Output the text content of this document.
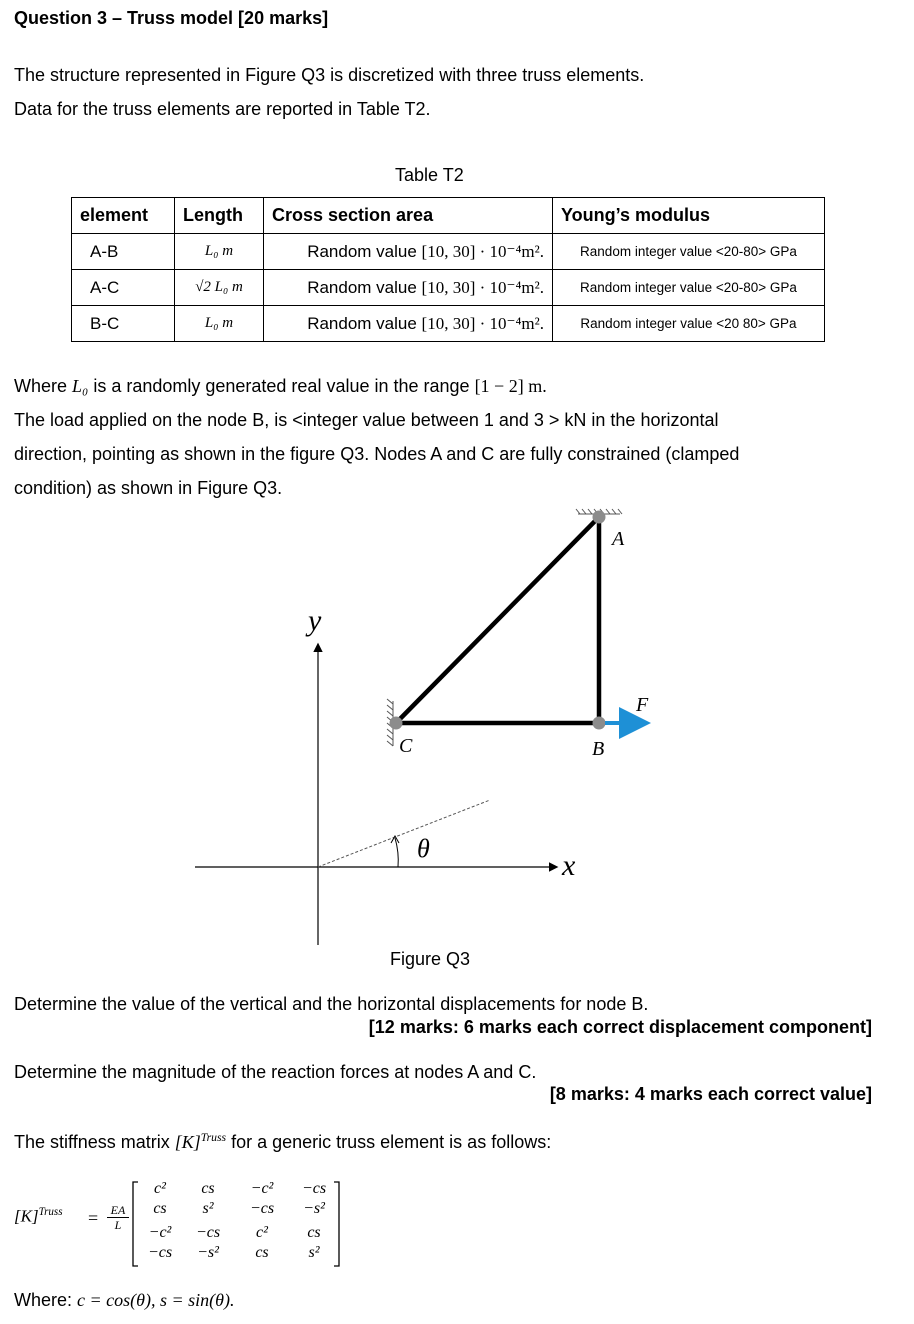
Question 3 – Truss model [20 marks]
The structure represented in Figure Q3 is discretized with three truss elements.
Data for the truss elements are reported in Table T2.
Table T2
element	Length	Cross section area	Young’s modulus
A-B	L₀ m	Random value [10, 30] · 10⁻⁴m².	Random integer value <20-80> GPa
A-C	√2 L₀ m	Random value [10, 30] · 10⁻⁴m².	Random integer value <20-80> GPa
B-C	L₀ m	Random value [10, 30] · 10⁻⁴m².	Random integer value <20 80> GPa
Where L₀ is a randomly generated real value in the range [1 − 2] m.
The load applied on the node B, is <integer value between 1 and 3 > kN in the horizontal
direction, pointing as shown in the figure Q3. Nodes A and C are fully constrained (clamped
condition) as shown in Figure Q3.
y
x
θ
A
B
C
F
Figure Q3
Determine the value of the vertical and the horizontal displacements for node B.
[12 marks: 6 marks each correct displacement component]
Determine the magnitude of the reaction forces at nodes A and C.
[8 marks: 4 marks each correct value]
The stiffness matrix $[K]^{Truss}$ for a generic truss element is as follows:
$[K]^{Truss} = \frac{EA}{L}$
c²	cs	−c²	−cs
cs	s²	−cs	−s²
−c²	−cs	c²	cs
−cs	−s²	cs	s²
Where: c = cos(θ), s = sin(θ).
